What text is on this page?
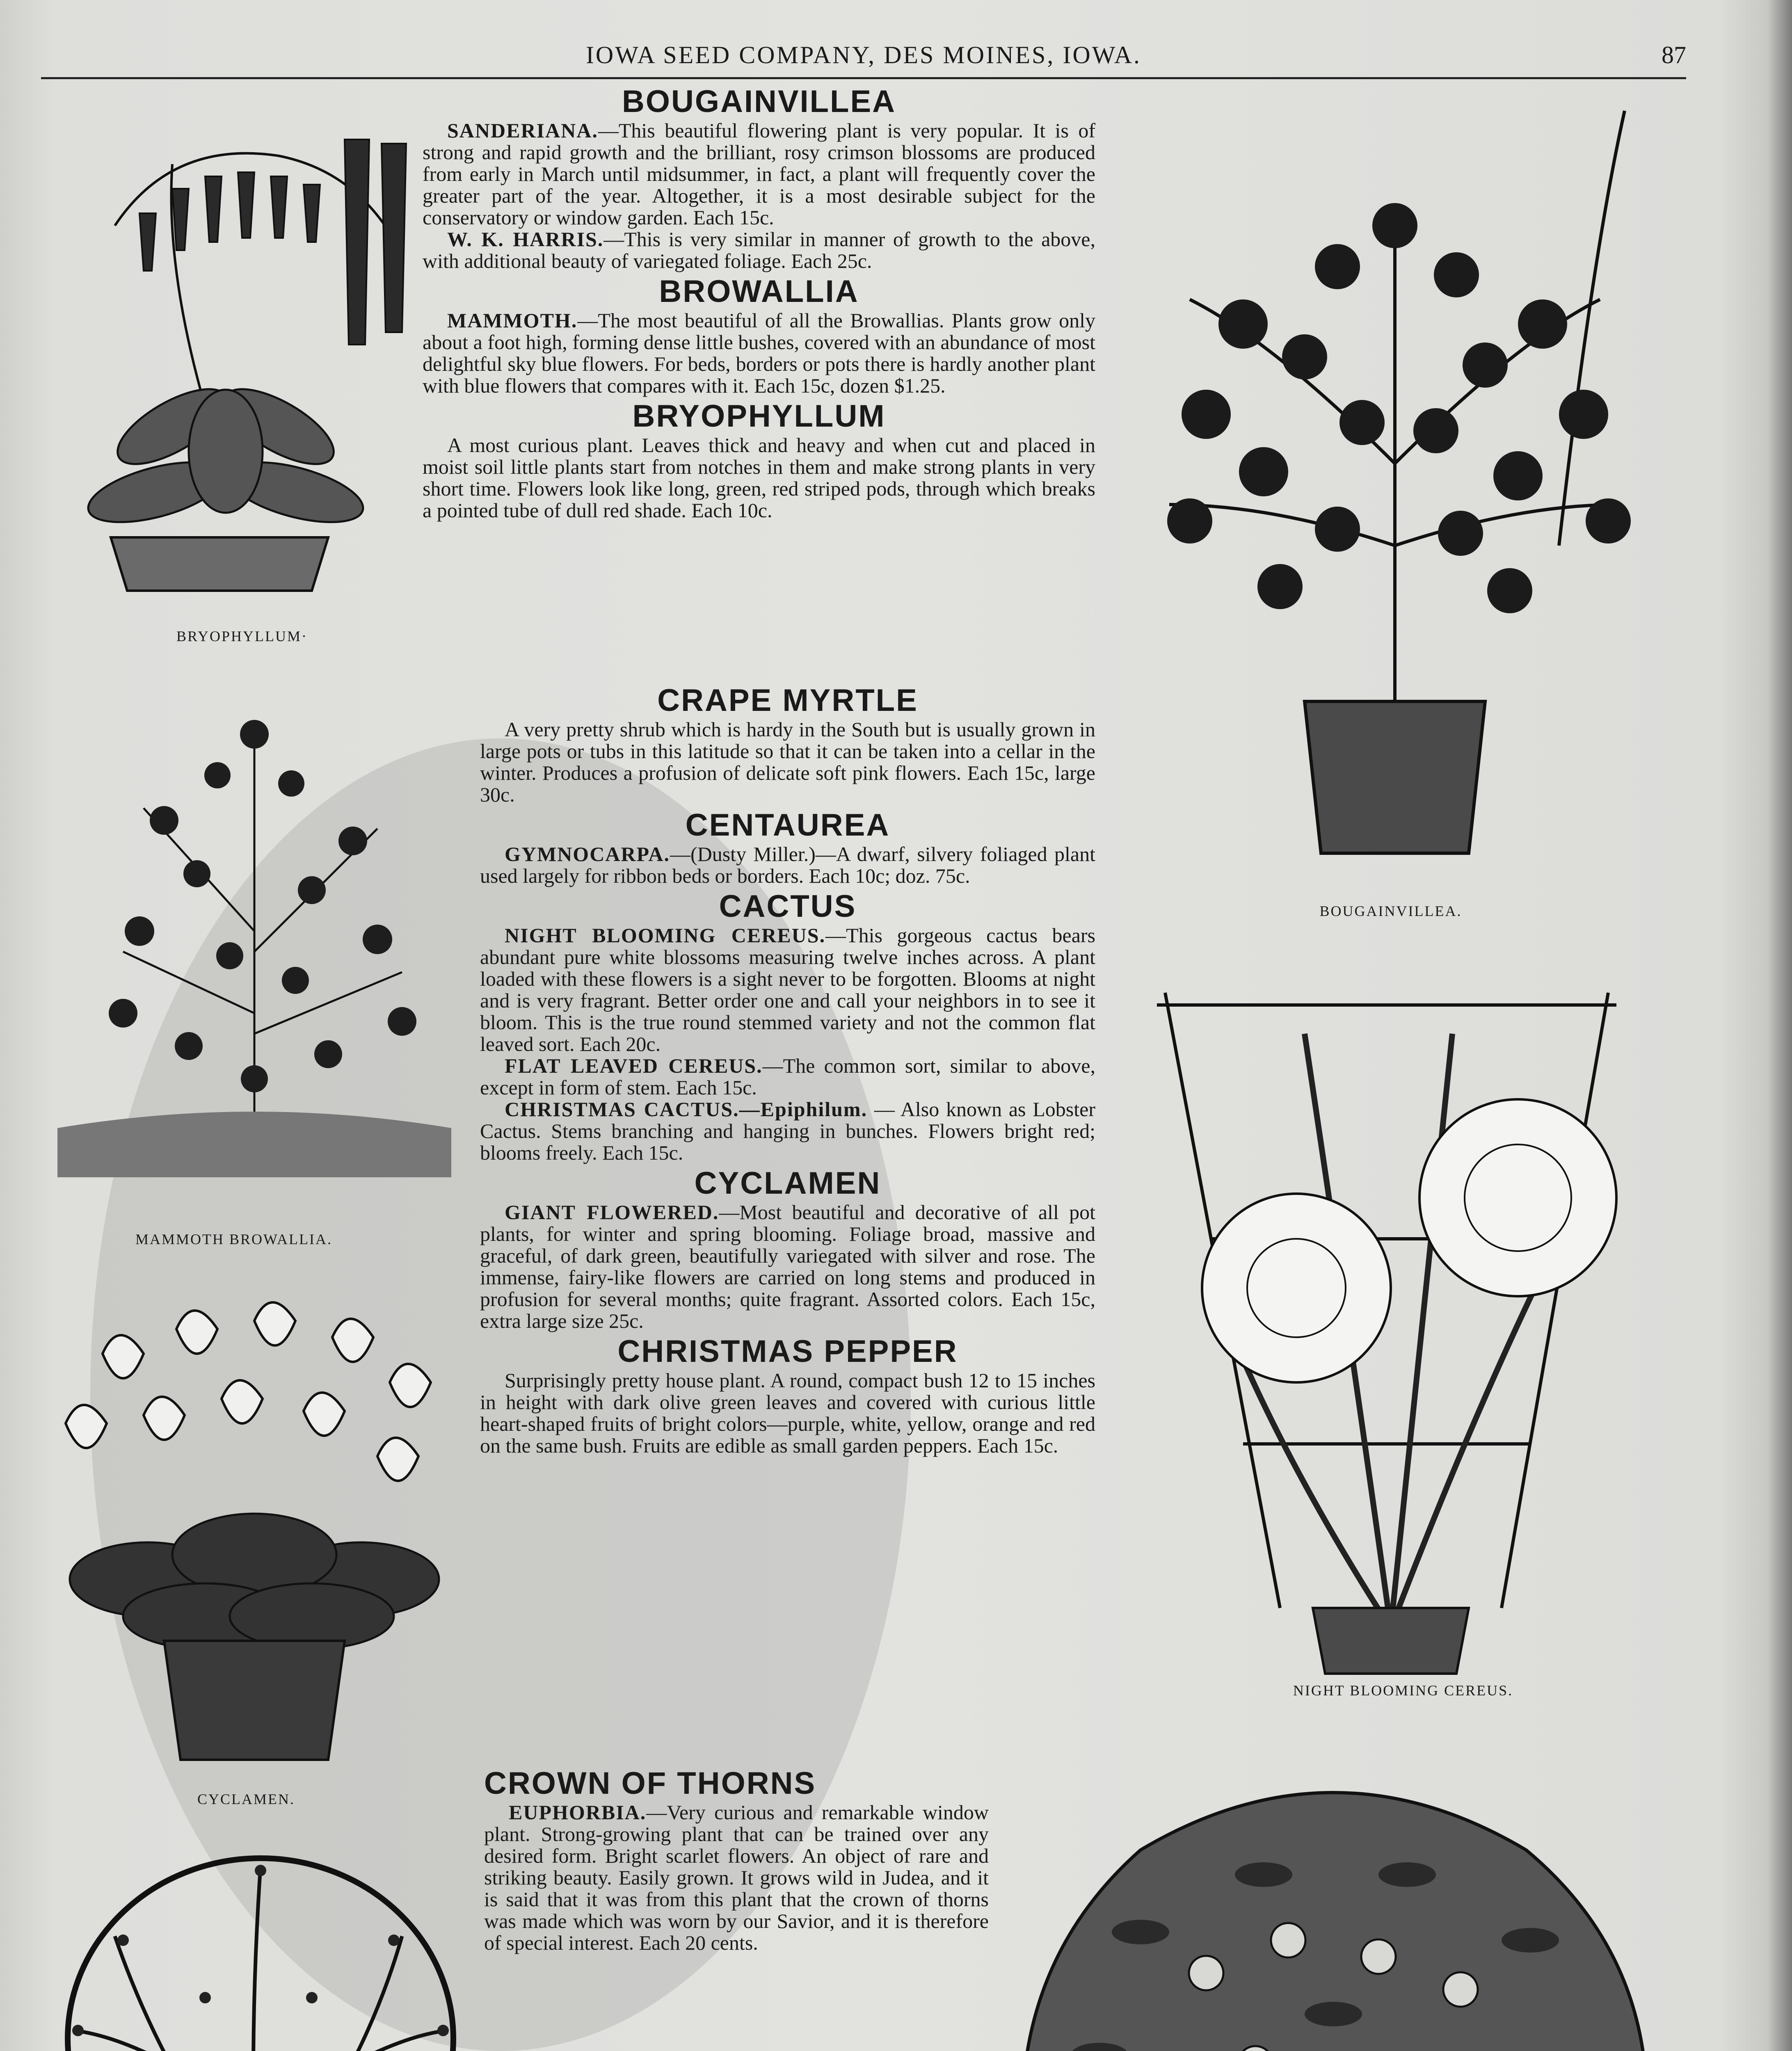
IOWA SEED COMPANY, DES MOINES, IOWA.	87
BOUGAINVILLEA

SANDERIANA.—This beautiful flowering plant is very popular. It is of strong and rapid growth and the brilliant, rosy crimson blossoms are produced from early in March until midsummer, in fact, a plant will frequently cover the greater part of the year. Altogether, it is a most desirable subject for the conservatory or window garden. Each 15c.

W. K. HARRIS.—This is very similar in manner of growth to the above, with additional beauty of variegated foliage. Each 25c.

BROWALLIA

MAMMOTH.—The most beautiful of all the Browallias. Plants grow only about a foot high, forming dense little bushes, covered with an abundance of most delightful sky blue flowers. For beds, borders or pots there is hardly another plant with blue flowers that compares with it. Each 15c, dozen $1.25.

BRYOPHYLLUM

A most curious plant. Leaves thick and heavy and when cut and placed in moist soil little plants start from notches in them and make strong plants in very short time. Flowers look like long, green, red striped pods, through which breaks a pointed tube of dull red shade. Each 10c.

CRAPE MYRTLE

A very pretty shrub which is hardy in the South but is usually grown in large pots or tubs in this latitude so that it can be taken into a cellar in the winter. Produces a profusion of delicate soft pink flowers. Each 15c, large 30c.

CENTAUREA

GYMNOCARPA.—(Dusty Miller.)—A dwarf, silvery foliaged plant used largely for ribbon beds or borders. Each 10c; doz. 75c.

CACTUS

NIGHT BLOOMING CEREUS.—This gorgeous cactus bears abundant pure white blossoms measuring twelve inches across. A plant loaded with these flowers is a sight never to be forgotten. Blooms at night and is very fragrant. Better order one and call your neighbors in to see it bloom. This is the true round stemmed variety and not the common flat leaved sort. Each 20c.

FLAT LEAVED CEREUS.—The common sort, similar to above, except in form of stem. Each 15c.

CHRISTMAS CACTUS.—Epiphilum. — Also known as Lobster Cactus. Stems branching and hanging in bunches. Flowers bright red; blooms freely. Each 15c.

CYCLAMEN

GIANT FLOWERED.—Most beautiful and decorative of all pot plants, for winter and spring blooming. Foliage broad, massive and graceful, of dark green, beautifully variegated with silver and rose. The immense, fairy-like flowers are carried on long stems and produced in profusion for several months; quite fragrant. Assorted colors. Each 15c, extra large size 25c.

CHRISTMAS PEPPER

Surprisingly pretty house plant. A round, compact bush 12 to 15 inches in height with dark olive green leaves and covered with curious little heart-shaped fruits of bright colors—purple, white, yellow, orange and red on the same bush. Fruits are edible as small garden peppers. Each 15c.

CROWN OF THORNS

EUPHORBIA.—Very curious and remarkable window plant. Strong-growing plant that can be trained over any desired form. Bright scarlet flowers. An object of rare and striking beauty. Easily grown. It grows wild in Judea, and it is said that it was from this plant that the crown of thorns was made which was worn by our Savior, and it is therefore of special interest. Each 20 cents.

BRYOPHYLLUM·
MAMMOTH BROWALLIA.
CYCLAMEN.
BOUGAINVILLEA.
NIGHT BLOOMING CEREUS.
